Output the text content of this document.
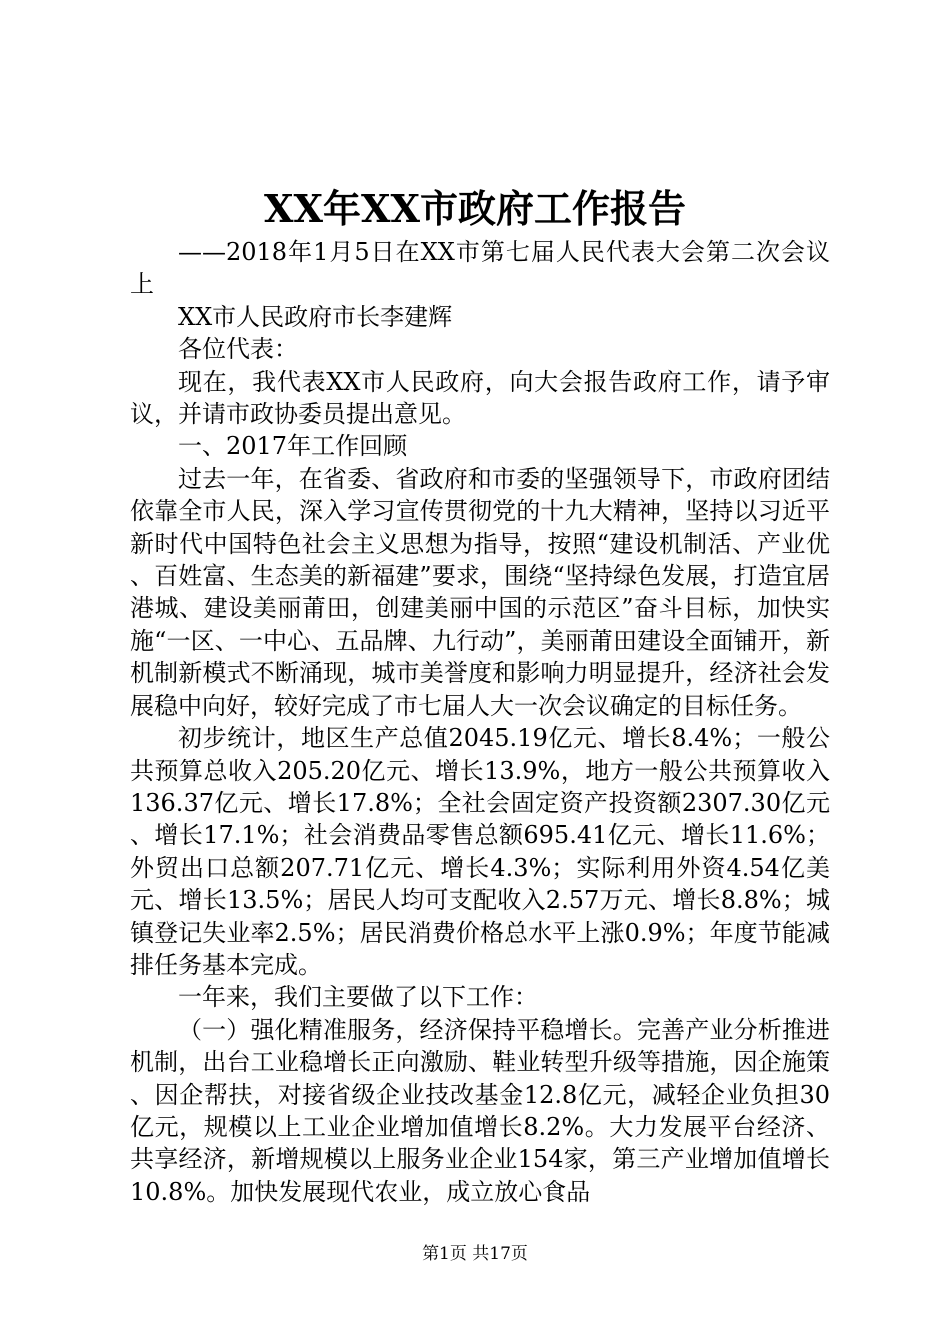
XX年XX市政府工作报告

——2018年1月5日在XX市第七届人民代表大会第二次会议上

XX市人民政府市长李建辉

各位代表：

现在，我代表XX市人民政府，向大会报告政府工作，请予审议，并请市政协委员提出意见。

一、2017年工作回顾

过去一年，在省委、省政府和市委的坚强领导下，市政府团结依靠全市人民，深入学习宣传贯彻党的十九大精神，坚持以习近平新时代中国特色社会主义思想为指导，按照“建设机制活、产业优、百姓富、生态美的新福建”要求，围绕“坚持绿色发展，打造宜居港城、建设美丽莆田，创建美丽中国的示范区”奋斗目标，加快实施“一区、一中心、五品牌、九行动”，美丽莆田建设全面铺开，新机制新模式不断涌现，城市美誉度和影响力明显提升，经济社会发展稳中向好，较好完成了市七届人大一次会议确定的目标任务。

初步统计，地区生产总值2045.19亿元、增长8.4%；一般公共预算总收入205.20亿元、增长13.9%，地方一般公共预算收入136.37亿元、增长17.8%；全社会固定资产投资额2307.30亿元、增长17.1%；社会消费品零售总额695.41亿元、增长11.6%；外贸出口总额207.71亿元、增长4.3%；实际利用外资4.54亿美元、增长13.5%；居民人均可支配收入2.57万元、增长8.8%；城镇登记失业率2.5%；居民消费价格总水平上涨0.9%；年度节能减排任务基本完成。

一年来，我们主要做了以下工作：

（一）强化精准服务，经济保持平稳增长。完善产业分析推进机制，出台工业稳增长正向激励、鞋业转型升级等措施，因企施策、因企帮扶，对接省级企业技改基金12.8亿元，减轻企业负担30亿元，规模以上工业企业增加值增长8.2%。大力发展平台经济、共享经济，新增规模以上服务业企业154家，第三产业增加值增长10.8%。加快发展现代农业，成立放心食品

第1页 共17页
